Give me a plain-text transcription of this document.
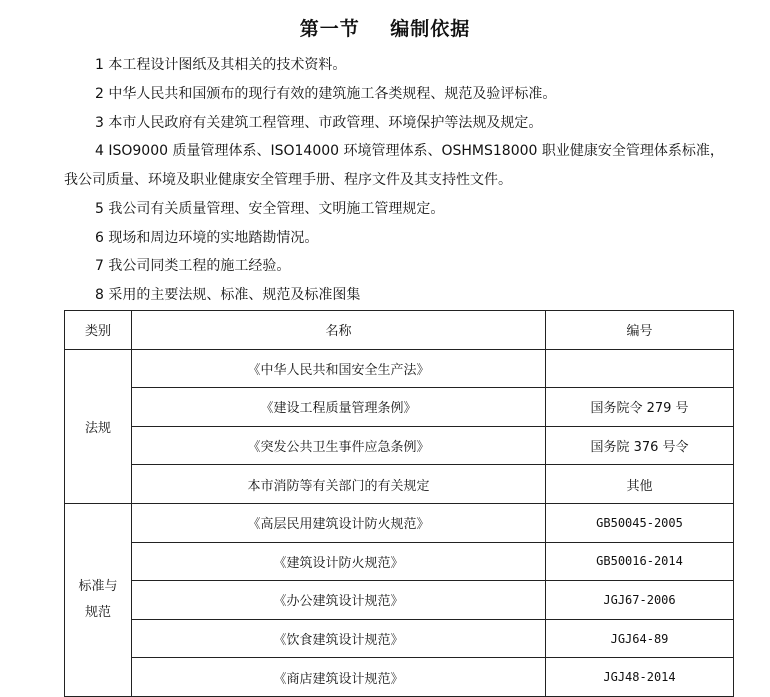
第一节    编制依据
1 本工程设计图纸及其相关的技术资料。
2 中华人民共和国颁布的现行有效的建筑施工各类规程、规范及验评标准。
3 本市人民政府有关建筑工程管理、市政管理、环境保护等法规及规定。
4 ISO9000 质量管理体系、ISO14000 环境管理体系、OSHMS18000 职业健康安全管理体系标准，
我公司质量、环境及职业健康安全管理手册、程序文件及其支持性文件。
5 我公司有关质量管理、安全管理、文明施工管理规定。
6 现场和周边环境的实地踏勘情况。
7 我公司同类工程的施工经验。
8 采用的主要法规、标准、规范及标准图集
类别	名称	编号
法规	《中华人民共和国安全生产法》	
	《建设工程质量管理条例》	国务院令 279 号
	《突发公共卫生事件应急条例》	国务院 376 号令
	本市消防等有关部门的有关规定	其他

标准与
规范	《高层民用建筑设计防火规范》	GB50045-2005
	《建筑设计防火规范》	GB50016-2014
	《办公建筑设计规范》	JGJ67-2006
	《饮食建筑设计规范》	JGJ64-89
	《商店建筑设计规范》	JGJ48-2014
